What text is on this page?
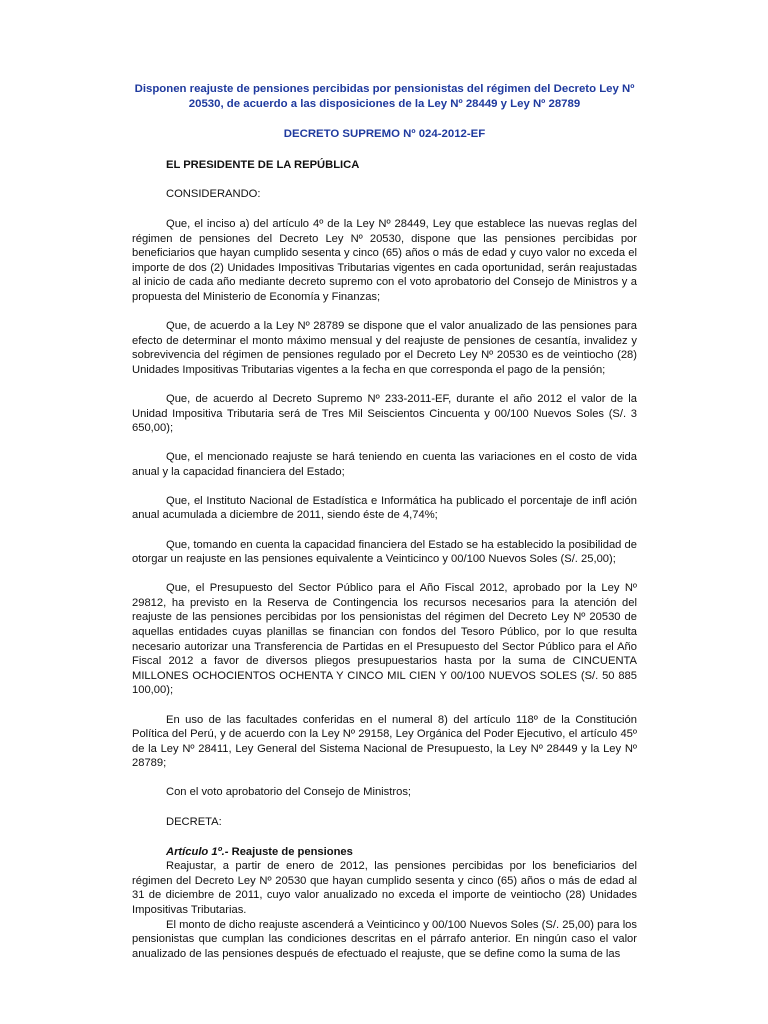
Disponen reajuste de pensiones percibidas por pensionistas del régimen del Decreto Ley Nº 20530, de acuerdo a las disposiciones de la Ley Nº 28449 y Ley Nº 28789
DECRETO SUPREMO Nº 024-2012-EF
EL PRESIDENTE DE LA REPÚBLICA
CONSIDERANDO:

Que, el inciso a) del artículo 4º de la Ley Nº 28449, Ley que establece las nuevas reglas del régimen de pensiones del Decreto Ley Nº 20530, dispone que las pensiones percibidas por beneficiarios que hayan cumplido sesenta y cinco (65) años o más de edad y cuyo valor no exceda el importe de dos (2) Unidades Impositivas Tributarias vigentes en cada oportunidad, serán reajustadas al inicio de cada año mediante decreto supremo con el voto aprobatorio del Consejo de Ministros y a propuesta del Ministerio de Economía y Finanzas;

Que, de acuerdo a la Ley Nº 28789 se dispone que el valor anualizado de las pensiones para efecto de determinar el monto máximo mensual y del reajuste de pensiones de cesantía, invalidez y sobrevivencia del régimen de pensiones regulado por el Decreto Ley Nº 20530 es de veintiocho (28) Unidades Impositivas Tributarias vigentes a la fecha en que corresponda el pago de la pensión;

Que, de acuerdo al Decreto Supremo Nº 233-2011-EF, durante el año 2012 el valor de la Unidad Impositiva Tributaria será de Tres Mil Seiscientos Cincuenta y 00/100 Nuevos Soles (S/. 3 650,00);

Que, el mencionado reajuste se hará teniendo en cuenta las variaciones en el costo de vida anual y la capacidad financiera del Estado;

Que, el Instituto Nacional de Estadística e Informática ha publicado el porcentaje de infl ación anual acumulada a diciembre de 2011, siendo éste de 4,74%;

Que, tomando en cuenta la capacidad financiera del Estado se ha establecido la posibilidad de otorgar un reajuste en las pensiones equivalente a Veinticinco y 00/100 Nuevos Soles (S/. 25,00);

Que, el Presupuesto del Sector Público para el Año Fiscal 2012, aprobado por la Ley Nº 29812, ha previsto en la Reserva de Contingencia los recursos necesarios para la atención del reajuste de las pensiones percibidas por los pensionistas del régimen del Decreto Ley Nº 20530 de aquellas entidades cuyas planillas se financian con fondos del Tesoro Público, por lo que resulta necesario autorizar una Transferencia de Partidas en el Presupuesto del Sector Público para el Año Fiscal 2012 a favor de diversos pliegos presupuestarios hasta por la suma de CINCUENTA MILLONES OCHOCIENTOS OCHENTA Y CINCO MIL CIEN Y 00/100 NUEVOS SOLES (S/. 50 885 100,00);

En uso de las facultades conferidas en el numeral 8) del artículo 118º de la Constitución Política del Perú, y de acuerdo con la Ley Nº 29158, Ley Orgánica del Poder Ejecutivo, el artículo 45º de la Ley Nº 28411, Ley General del Sistema Nacional de Presupuesto, la Ley Nº 28449 y la Ley Nº 28789;

Con el voto aprobatorio del Consejo de Ministros;
DECRETA:
Artículo 1º.- Reajuste de pensiones

Reajustar, a partir de enero de 2012, las pensiones percibidas por los beneficiarios del régimen del Decreto Ley Nº 20530 que hayan cumplido sesenta y cinco (65) años o más de edad al 31 de diciembre de 2011, cuyo valor anualizado no exceda el importe de veintiocho (28) Unidades Impositivas Tributarias.

El monto de dicho reajuste ascenderá a Veinticinco y 00/100 Nuevos Soles (S/. 25,00) para los pensionistas que cumplan las condiciones descritas en el párrafo anterior. En ningún caso el valor anualizado de las pensiones después de efectuado el reajuste, que se define como la suma de las
